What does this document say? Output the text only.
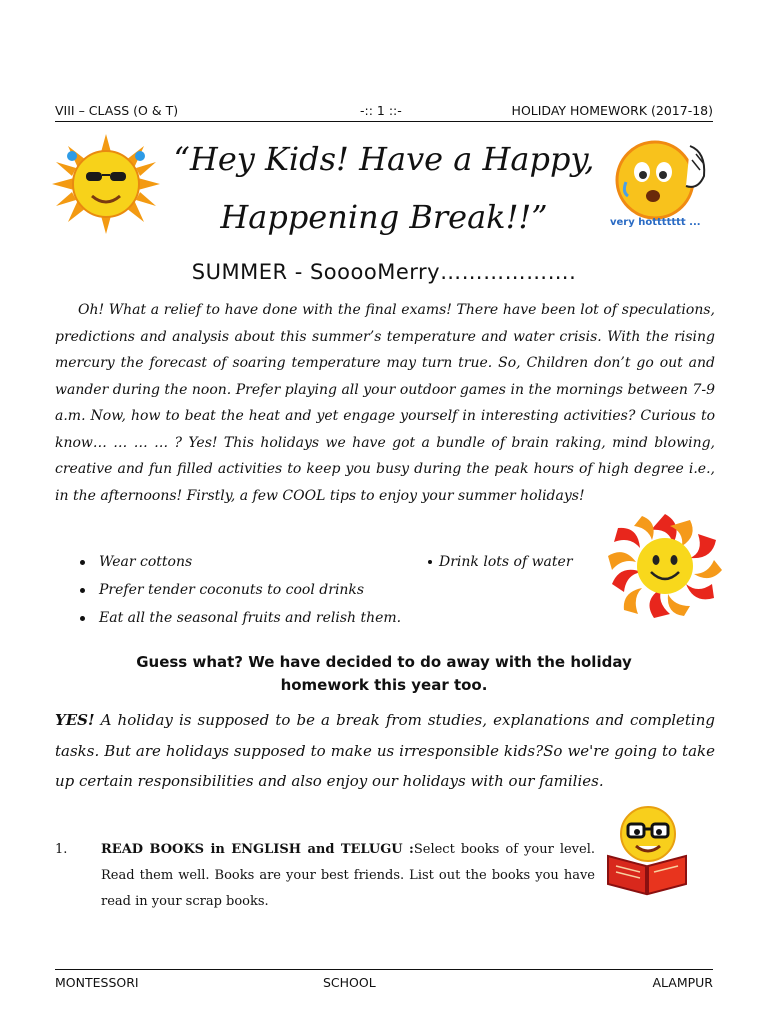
VIII – CLASS (O & T)	-:: 1 ::-	HOLIDAY HOMEWORK (2017-18)
“Hey Kids! Have a Happy,
Happening Break!!”	very hottttttt ...
SUMMER - SooooMerry……………….
Oh! What a relief to have done with the final exams! There have been lot of speculations, predictions and analysis about this summer’s temperature and water crisis. With the rising mercury the forecast of soaring temperature may turn true. So, Children don’t go out and wander during the noon. Prefer playing all your outdoor games in the mornings between 7-9 a.m. Now, how to beat the heat and yet engage yourself in interesting activities? Curious to know… … … … ? Yes! This holidays we have got a bundle of brain raking, mind blowing, creative and fun filled activities to keep you busy during the peak hours of high degree i.e., in the afternoons! Firstly, a few COOL tips to enjoy your summer holidays!
Wear cottons
Prefer tender coconuts to cool drinks
Eat all the seasonal fruits and relish them.
Drink lots of water
Guess what? We have decided to do away with the holiday
homework this year too.
YES! A holiday is supposed to be a break from studies, explanations and completing tasks. But are holidays supposed to make us irresponsible kids?So we're going to take up certain responsibilities and also enjoy our holidays with our families.
1.	READ BOOKS in ENGLISH and TELUGU :Select books of your level. Read them well. Books are your best friends. List out the books you have read in your scrap books.
MONTESSORI	SCHOOL	ALAMPUR
